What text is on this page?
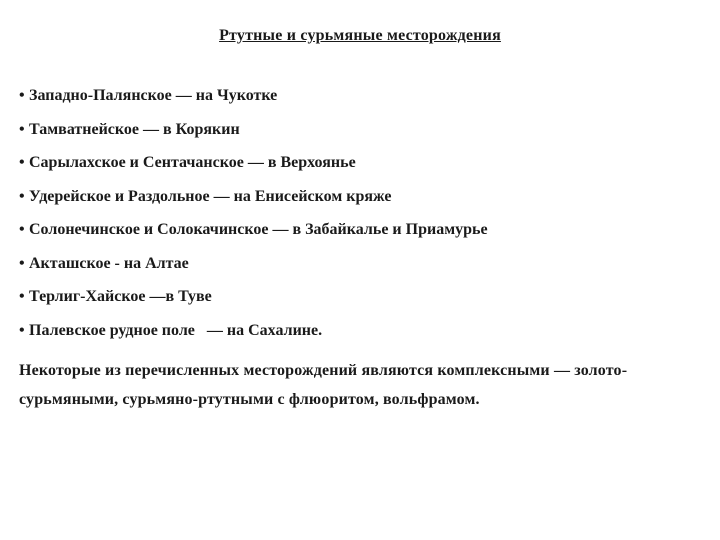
Ртутные и сурьмяные месторождения
• Западно-Палянское — на Чукотке
• Тамватнейское — в Корякин
• Сарылахское и Сентачанское — в Верхоянье
• Удерейское и Раздольное — на Енисейском кряже
• Солонечинское и Солокачинское — в Забайкалье и Приамурье
• Акташское - на Алтае
• Терлиг-Хайское —в Туве
• Палевское рудное поле   — на Сахалине.

Некоторые из перечисленных месторождений являются комплексными — золото-сурьмяными, сурьмяно-ртутными с флюоритом, вольфрамом.
